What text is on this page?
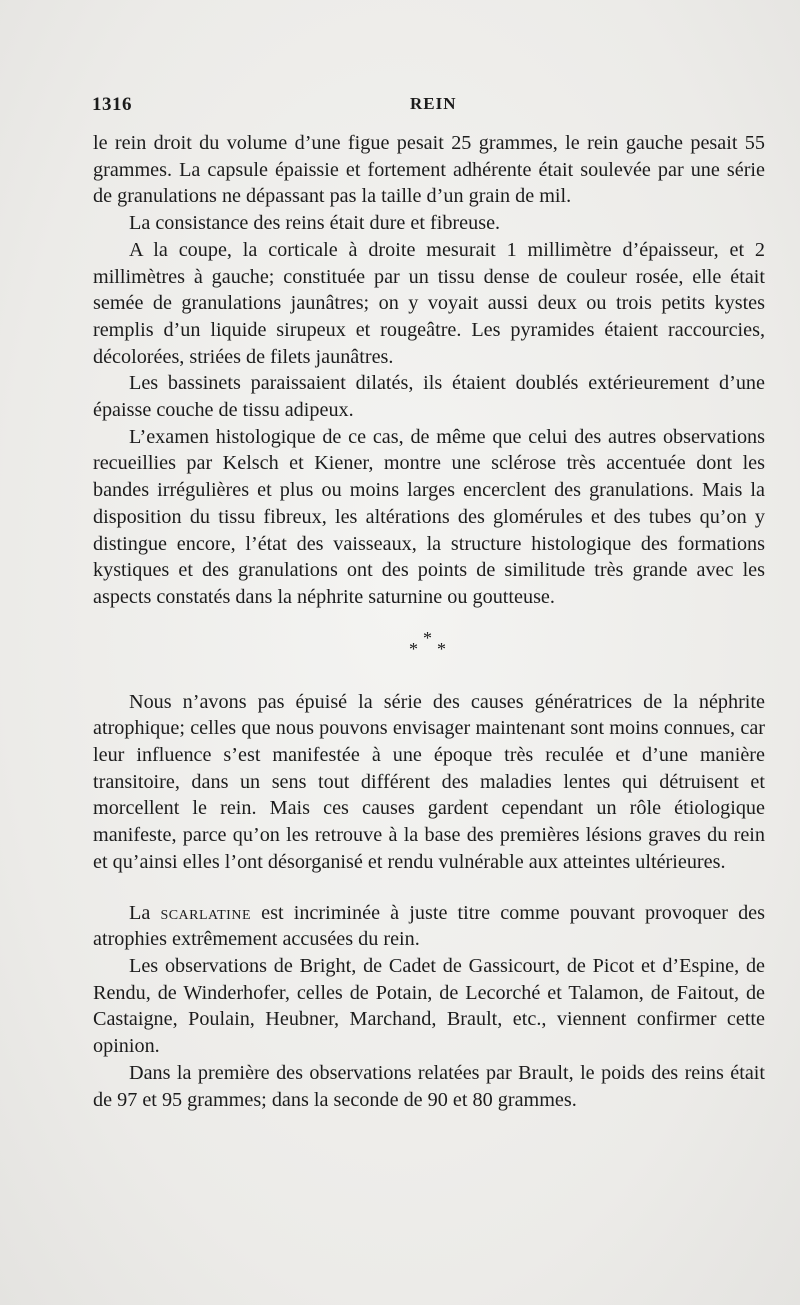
1316	REIN

le rein droit du volume d’une figue pesait 25 grammes, le rein gauche pesait 55 grammes. La capsule épaissie et fortement adhérente était soulevée par une série de granulations ne dépassant pas la taille d’un grain de mil.

La consistance des reins était dure et fibreuse.

A la coupe, la corticale à droite mesurait 1 millimètre d’épaisseur, et 2 millimètres à gauche; constituée par un tissu dense de couleur rosée, elle était semée de granulations jaunâtres; on y voyait aussi deux ou trois petits kystes remplis d’un liquide sirupeux et rougeâtre. Les pyramides étaient raccourcies, décolorées, striées de filets jaunâtres.

Les bassinets paraissaient dilatés, ils étaient doublés extérieurement d’une épaisse couche de tissu adipeux.

L’examen histologique de ce cas, de même que celui des autres observations recueillies par Kelsch et Kiener, montre une sclérose très accentuée dont les bandes irrégulières et plus ou moins larges encerclent des granulations. Mais la disposition du tissu fibreux, les altérations des glomérules et des tubes qu’on y distingue encore, l’état des vaisseaux, la structure histologique des formations kystiques et des granulations ont des points de similitude très grande avec les aspects constatés dans la néphrite saturnine ou goutteuse.

*
* *

Nous n’avons pas épuisé la série des causes génératrices de la néphrite atrophique; celles que nous pouvons envisager maintenant sont moins connues, car leur influence s’est manifestée à une époque très reculée et d’une manière transitoire, dans un sens tout différent des maladies lentes qui détruisent et morcellent le rein. Mais ces causes gardent cependant un rôle étiologique manifeste, parce qu’on les retrouve à la base des premières lésions graves du rein et qu’ainsi elles l’ont désorganisé et rendu vulnérable aux atteintes ultérieures.

La scarlatine est incriminée à juste titre comme pouvant provoquer des atrophies extrêmement accusées du rein.

Les observations de Bright, de Cadet de Gassicourt, de Picot et d’Espine, de Rendu, de Winderhofer, celles de Potain, de Lecorché et Talamon, de Faitout, de Castaigne, Poulain, Heubner, Marchand, Brault, etc., viennent confirmer cette opinion.

Dans la première des observations relatées par Brault, le poids des reins était de 97 et 95 grammes; dans la seconde de 90 et 80 grammes.
